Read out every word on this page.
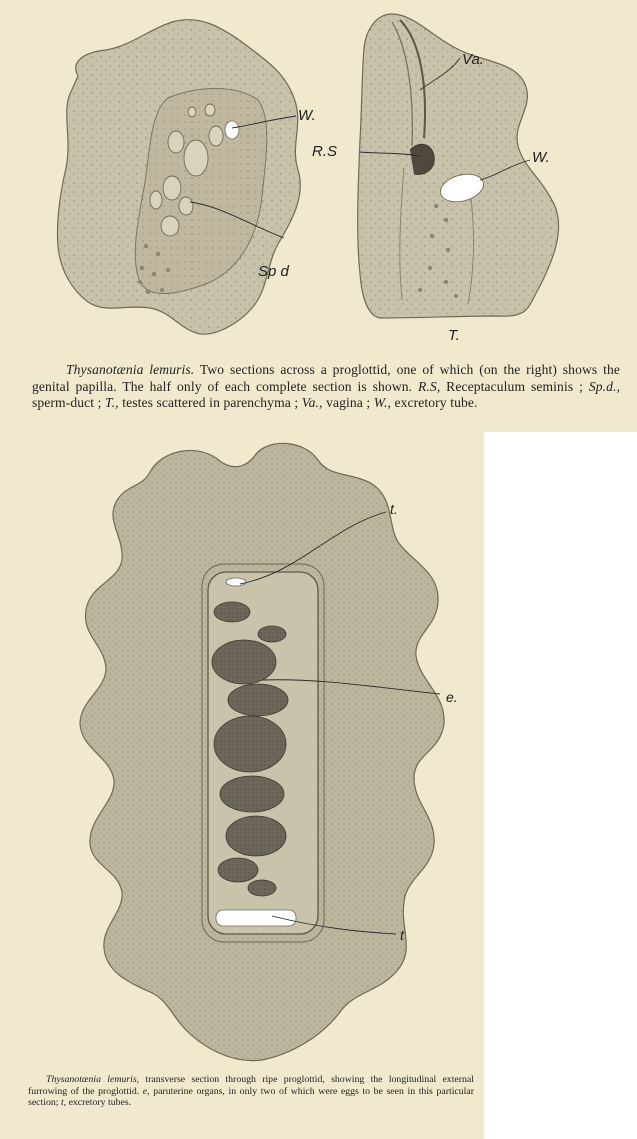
W.
Sp d
Va.
R.S	W.
T.
Thysanotænia lemuris. Two sections across a proglottid, one of which (on the right) shows the genital papilla. The half only of each complete section is shown. R.S, Receptaculum seminis ; Sp.d., sperm-duct ; T., testes scattered in parenchyma ; Va., vagina ; W., excretory tube.
t.
e.
t
Thysanotænia lemuris, transverse section through ripe proglottid, showing the longitudinal external furrowing of the proglottid. e, paruterine organs, in only two of which were eggs to be seen in this particular section; t, excretory tubes.
